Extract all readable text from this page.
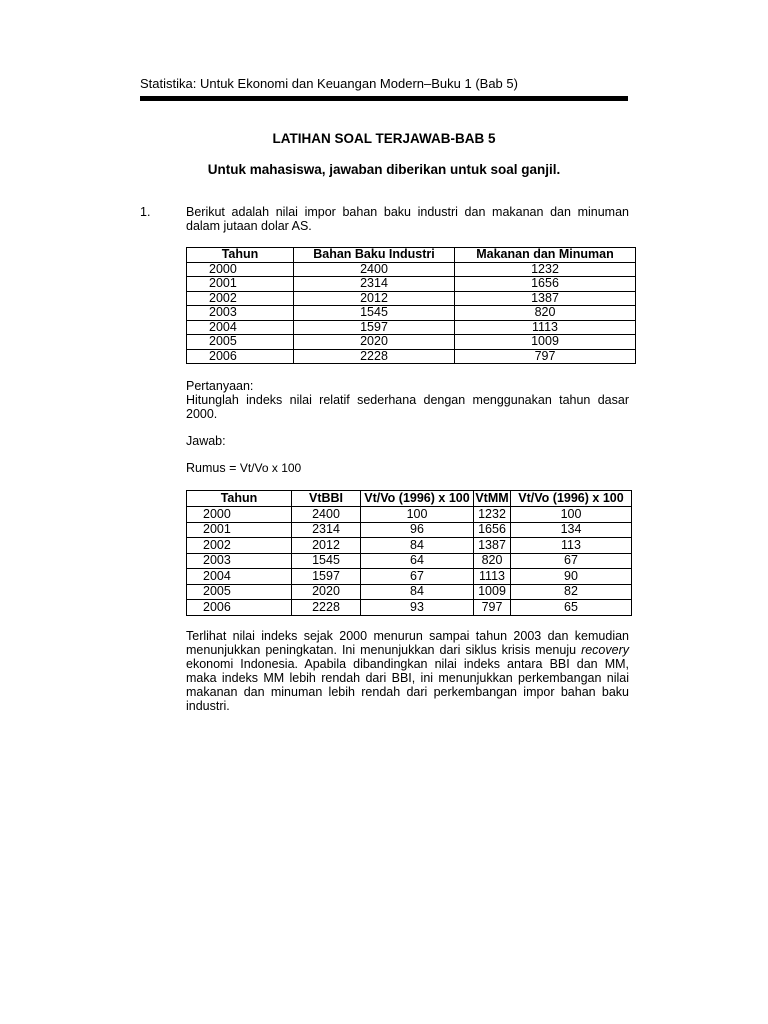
Statistika: Untuk Ekonomi dan Keuangan Modern–Buku 1 (Bab 5)
LATIHAN SOAL TERJAWAB-BAB 5
Untuk mahasiswa, jawaban diberikan untuk soal ganjil.
1.	Berikut adalah nilai impor bahan baku industri dan makanan dan minuman dalam jutaan dolar AS.
Tahun	Bahan Baku Industri	Makanan dan Minuman
2000	2400	1232
2001	2314	1656
2002	2012	1387
2003	1545	820
2004	1597	1113
2005	2020	1009
2006	2228	797
Pertanyaan:
Hitunglah indeks nilai relatif sederhana dengan menggunakan tahun dasar 2000.
Jawab:
Rumus = Vt/Vo x 100
Tahun	VtBBI	Vt/Vo (1996) x 100	VtMM	Vt/Vo (1996) x 100
2000	2400	100	1232	100
2001	2314	96	1656	134
2002	2012	84	1387	113
2003	1545	64	820	67
2004	1597	67	1113	90
2005	2020	84	1009	82
2006	2228	93	797	65
Terlihat nilai indeks sejak 2000 menurun sampai tahun 2003 dan kemudian menunjukkan peningkatan. Ini menunjukkan dari siklus krisis menuju recovery ekonomi Indonesia. Apabila dibandingkan nilai indeks antara BBI dan MM, maka indeks MM lebih rendah dari BBI, ini menunjukkan perkembangan nilai makanan dan minuman lebih rendah dari perkembangan impor bahan baku industri.
